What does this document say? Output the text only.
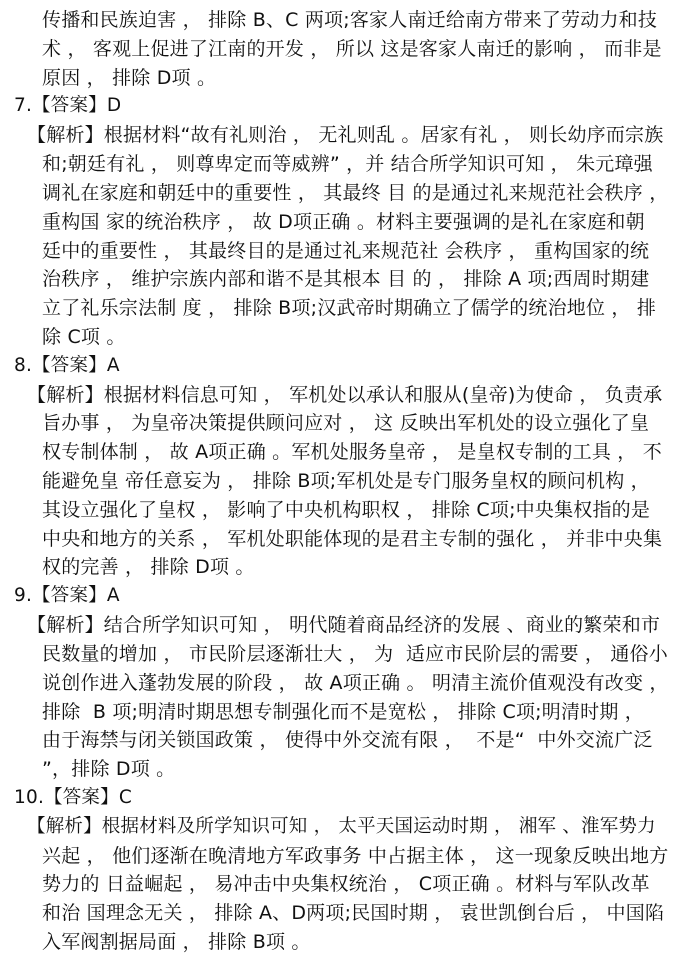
传播和民族迫害 ， 排除 B、C 两项;客家人南迁给南方带来了劳动力和技
术 ， 客观上促进了江南的开发 ， 所以 这是客家人南迁的影响 ， 而非是
原因 ， 排除 D项 。
7.【答案】D
【解析】根据材料“故有礼则治 ， 无礼则乱 。居家有礼 ， 则长幼序而宗族
和;朝廷有礼 ， 则尊卑定而等威辨” ，并 结合所学知识可知 ， 朱元璋强
调礼在家庭和朝廷中的重要性 ， 其最终 目 的是通过礼来规范社会秩序 ，
重构国 家的统治秩序 ， 故 D项正确 。材料主要强调的是礼在家庭和朝
廷中的重要性 ， 其最终目的是通过礼来规范社 会秩序 ， 重构国家的统
治秩序 ， 维护宗族内部和谐不是其根本 目 的 ， 排除 A 项;西周时期建
立了礼乐宗法制 度 ， 排除 B项;汉武帝时期确立了儒学的统治地位 ， 排
除 C项 。
8.【答案】A
【解析】根据材料信息可知 ， 军机处以承认和服从(皇帝)为使命 ， 负责承
旨办事 ， 为皇帝决策提供顾问应对 ， 这 反映出军机处的设立强化了皇
权专制体制 ， 故 A项正确 。军机处服务皇帝 ， 是皇权专制的工具 ， 不
能避免皇 帝任意妄为 ， 排除 B项;军机处是专门服务皇权的顾问机构 ，
其设立强化了皇权 ， 影响了中央机构职权 ， 排除 C项;中央集权指的是
中央和地方的关系 ， 军机处职能体现的是君主专制的强化 ， 并非中央集
权的完善 ， 排除 D项 。
9.【答案】A
【解析】结合所学知识可知 ， 明代随着商品经济的发展 、商业的繁荣和市
民数量的增加 ， 市民阶层逐渐壮大 ， 为  适应市民阶层的需要 ， 通俗小
说创作进入蓬勃发展的阶段 ， 故 A项正确 。 明清主流价值观没有改变 ，
排除  B 项;明清时期思想专制强化而不是宽松 ， 排除 C项;明清时期 ，
由于海禁与闭关锁国政策 ， 使得中外交流有限 ，  不是“  中外交流广泛
”，排除 D项 。
10.【答案】C
【解析】根据材料及所学知识可知 ， 太平天国运动时期 ， 湘军 、淮军势力
兴起 ， 他们逐渐在晚清地方军政事务 中占据主体 ， 这一现象反映出地方
势力的 日益崛起 ， 易冲击中央集权统治 ， C项正确 。材料与军队改革
和治 国理念无关 ， 排除 A、D两项;民国时期 ， 袁世凯倒台后 ， 中国陷
入军阀割据局面 ， 排除 B项 。
